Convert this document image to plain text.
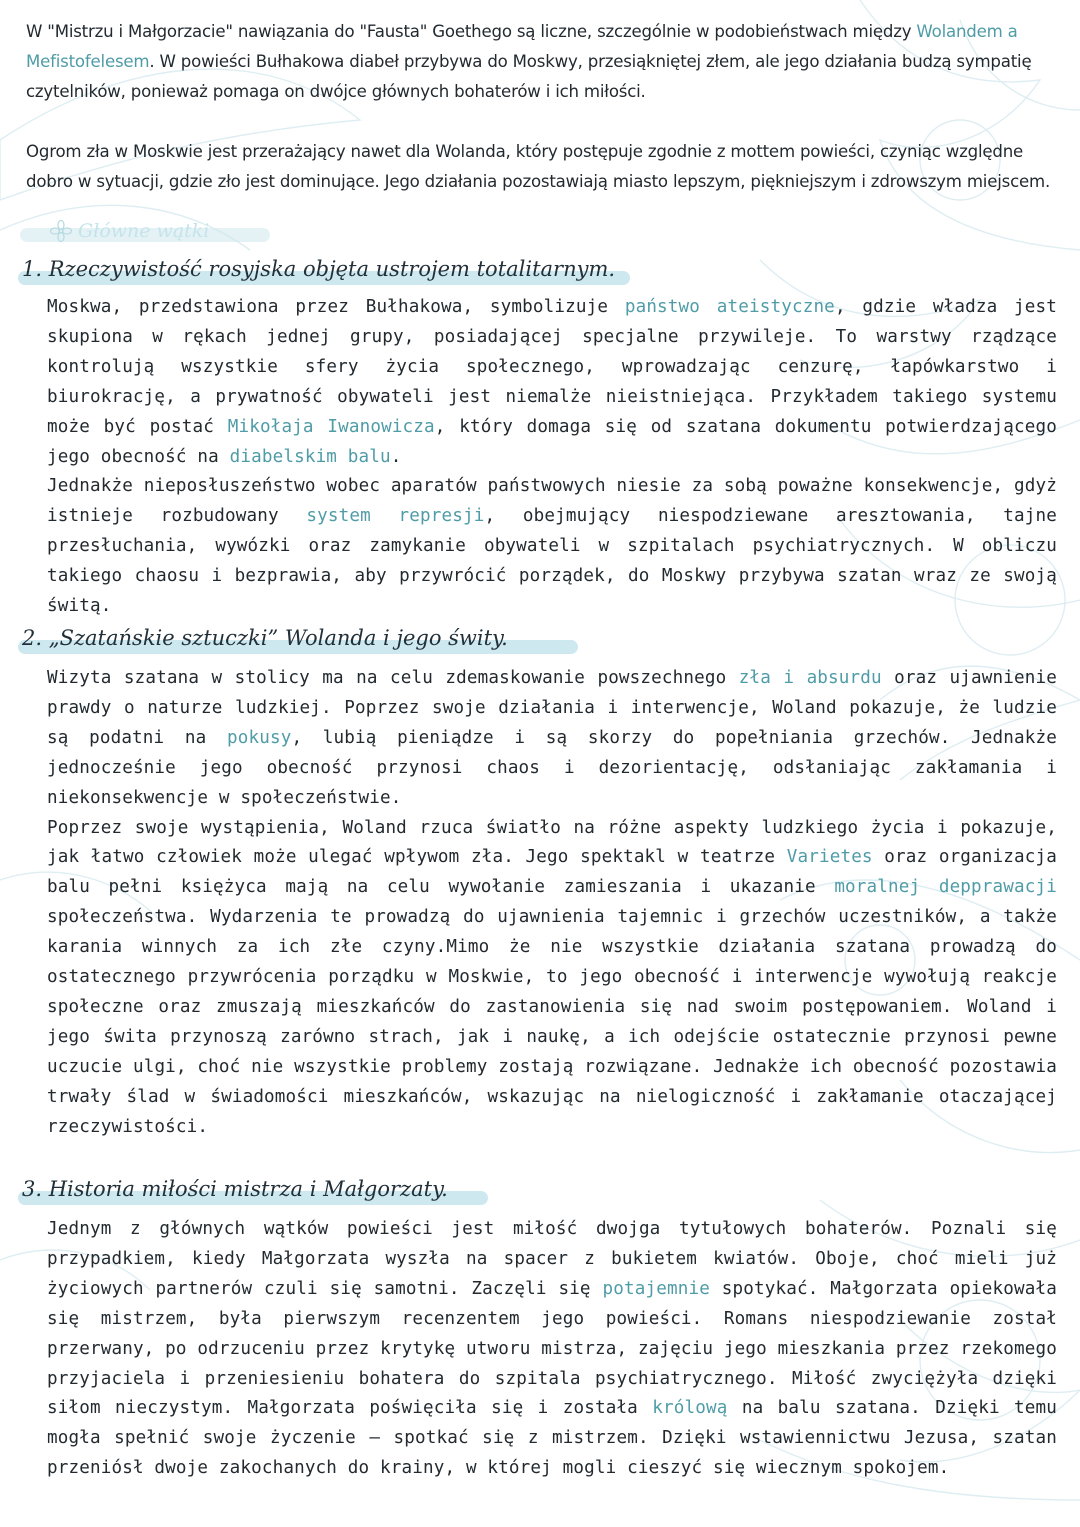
W "Mistrzu i Małgorzacie" nawiązania do "Fausta" Goethego są liczne, szczególnie w podobieństwach między Wolandem a Mefistofelesem. W powieści Bułhakowa diabeł przybywa do Moskwy, przesiąkniętej złem, ale jego działania budzą sympatię czytelników, ponieważ pomaga on dwójce głównych bohaterów i ich miłości.

Ogrom zła w Moskwie jest przerażający nawet dla Wolanda, który postępuje zgodnie z mottem powieści, czyniąc względne dobro w sytuacji, gdzie zło jest dominujące. Jego działania pozostawiają miasto lepszym, piękniejszym i zdrowszym miejscem.

Główne wątki
1. Rzeczywistość rosyjska objęta ustrojem totalitarnym.

Moskwa, przedstawiona przez Bułhakowa, symbolizuje państwo ateistyczne, gdzie władza jest skupiona w rękach jednej grupy, posiadającej specjalne przywileje. To warstwy rządzące kontrolują wszystkie sfery życia społecznego, wprowadzając cenzurę, łapówkarstwo i biurokrację, a prywatność obywateli jest niemalże nieistniejąca. Przykładem takiego systemu może być postać Mikołaja Iwanowicza, który domaga się od szatana dokumentu potwierdzającego jego obecność na diabelskim balu.

Jednakże nieposłuszeństwo wobec aparatów państwowych niesie za sobą poważne konsekwencje, gdyż istnieje rozbudowany system represji, obejmujący niespodziewane aresztowania, tajne przesłuchania, wywózki oraz zamykanie obywateli w szpitalach psychiatrycznych. W obliczu takiego chaosu i bezprawia, aby przywrócić porządek, do Moskwy przybywa szatan wraz ze swoją świtą.

2. „Szatańskie sztuczki” Wolanda i jego świty.

Wizyta szatana w stolicy ma na celu zdemaskowanie powszechnego zła i absurdu oraz ujawnienie prawdy o naturze ludzkiej. Poprzez swoje działania i interwencje, Woland pokazuje, że ludzie są podatni na pokusy, lubią pieniądze i są skorzy do popełniania grzechów. Jednakże jednocześnie jego obecność przynosi chaos i dezorientację, odsłaniając zakłamania i niekonsekwencje w społeczeństwie.

Poprzez swoje wystąpienia, Woland rzuca światło na różne aspekty ludzkiego życia i pokazuje, jak łatwo człowiek może ulegać wpływom zła. Jego spektakl w teatrze Varietes oraz organizacja balu pełni księżyca mają na celu wywołanie zamieszania i ukazanie moralnej depprawacji społeczeństwa. Wydarzenia te prowadzą do ujawnienia tajemnic i grzechów uczestników, a także karania winnych za ich złe czyny.Mimo że nie wszystkie działania szatana prowadzą do ostatecznego przywrócenia porządku w Moskwie, to jego obecność i interwencje wywołują reakcje społeczne oraz zmuszają mieszkańców do zastanowienia się nad swoim postępowaniem. Woland i jego świta przynoszą zarówno strach, jak i naukę, a ich odejście ostatecznie przynosi pewne uczucie ulgi, choć nie wszystkie problemy zostają rozwiązane. Jednakże ich obecność pozostawia trwały ślad w świadomości mieszkańców, wskazując na nielogiczność i zakłamanie otaczającej rzeczywistości.

3. Historia miłości mistrza i Małgorzaty.

Jednym z głównych wątków powieści jest miłość dwojga tytułowych bohaterów. Poznali się przypadkiem, kiedy Małgorzata wyszła na spacer z bukietem kwiatów. Oboje, choć mieli już życiowych partnerów czuli się samotni. Zaczęli się potajemnie spotykać. Małgorzata opiekowała się mistrzem, była pierwszym recenzentem jego powieści. Romans niespodziewanie został przerwany, po odrzuceniu przez krytykę utworu mistrza, zajęciu jego mieszkania przez rzekomego przyjaciela i przeniesieniu bohatera do szpitala psychiatrycznego. Miłość zwyciężyła dzięki siłom nieczystym. Małgorzata poświęciła się i została królową na balu szatana. Dzięki temu mogła spełnić swoje życzenie – spotkać się z mistrzem. Dzięki wstawiennictwu Jezusa, szatan przeniósł dwoje zakochanych do krainy, w której mogli cieszyć się wiecznym spokojem.
